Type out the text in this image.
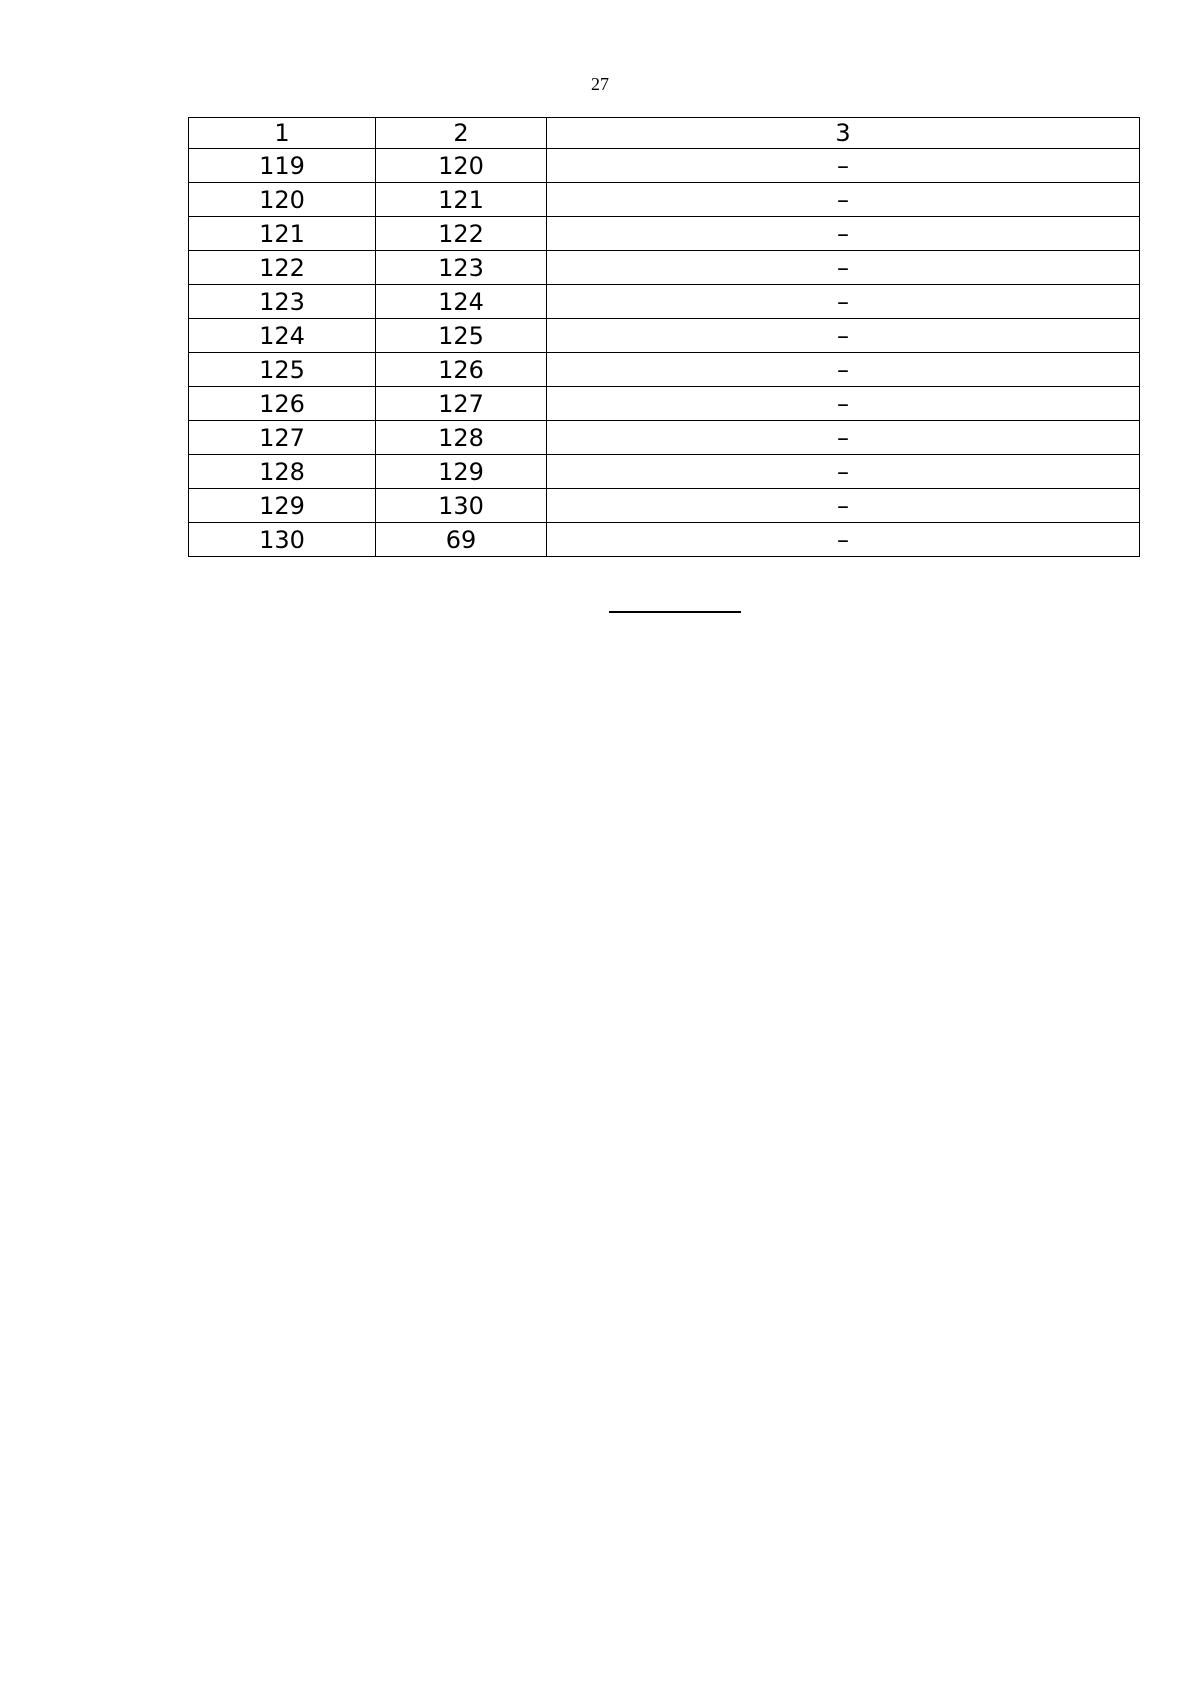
27
1	2	3
119	120	–
120	121	–
121	122	–
122	123	–
123	124	–
124	125	–
125	126	–
126	127	–
127	128	–
128	129	–
129	130	–
130	69	–
